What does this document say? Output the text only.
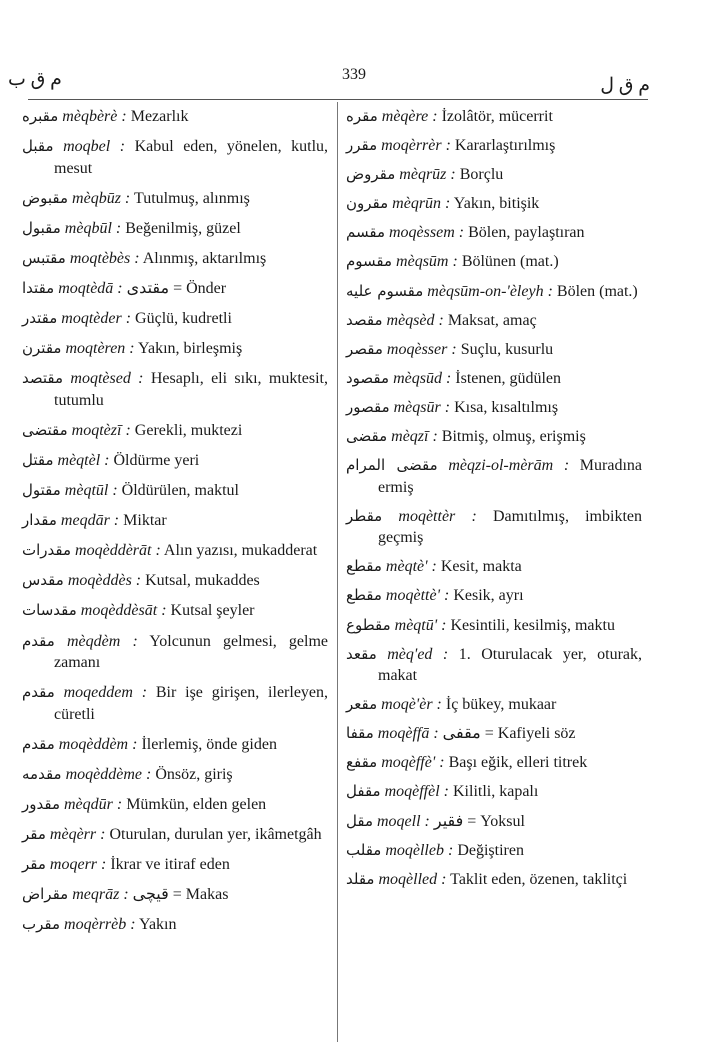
م ق ب	339
م ق ل
مقبره mèqbèrè : Mezarlık
مقبل moqbel : Kabul eden, yönelen, kutlu, mesut
مقبوض mèqbūz : Tutulmuş, alınmış
مقبول mèqbūl : Beğenilmiş, güzel
مقتبس moqtèbès : Alınmış, aktarılmış
مقتدا moqtèdā : مقتدی = Önder
مقتدر moqtèder : Güçlü, kudretli
مقترن moqtèren : Yakın, birleşmiş
مقتصد moqtèsed : Hesaplı, eli sıkı, muktesit, tutumlu
مقتضی moqtèzī : Gerekli, muktezi
مقتل mèqtèl : Öldürme yeri
مقتول mèqtūl : Öldürülen, maktul
مقدار meqdār : Miktar
مقدرات moqèddèrāt : Alın yazısı, mukadderat
مقدس moqèddès : Kutsal, mukaddes
مقدسات moqèddèsāt : Kutsal şeyler
مقدم mèqdèm : Yolcunun gelmesi, gelme zamanı
مقدم moqeddem : Bir işe girişen, ilerleyen, cüretli
مقدم moqèddèm : İlerlemiş, önde giden
مقدمه moqèddème : Önsöz, giriş
مقدور mèqdūr : Mümkün, elden gelen
مقر mèqèrr : Oturulan, durulan yer, ikâmetgâh
مقر moqerr : İkrar ve itiraf eden
مقراض meqrāz : قیچی = Makas
مقرب moqèrrèb : Yakın
مقره mèqère : İzolâtör, mücerrit
مقرر moqèrrèr : Kararlaştırılmış
مقروض mèqrūz : Borçlu
مقرون mèqrūn : Yakın, bitişik
مقسم moqèssem : Bölen, paylaştıran
مقسوم mèqsūm : Bölünen (mat.)
مقسوم علیه mèqsūm-on-'èleyh : Bölen (mat.)
مقصد mèqsèd : Maksat, amaç
مقصر moqèsser : Suçlu, kusurlu
مقصود mèqsūd : İstenen, güdülen
مقصور mèqsūr : Kısa, kısaltılmış
مقضی mèqzī : Bitmiş, olmuş, erişmiş
مقضی المرام mèqzi-ol-mèrām : Muradına ermiş
مقطر moqèttèr : Damıtılmış, imbikten geçmiş
مقطع mèqtè' : Kesit, makta
مقطع moqèttè' : Kesik, ayrı
مقطوع mèqtū' : Kesintili, kesilmiş, maktu
مقعد mèq'ed : 1. Oturulacak yer, oturak, makat
مقعر moqè'èr : İç bükey, mukaar
مقفا moqèffā : مقفی = Kafiyeli söz
مقفع moqèffè' : Başı eğik, elleri titrek
مقفل moqèffèl : Kilitli, kapalı
مقل moqell : فقیر = Yoksul
مقلب moqèlleb : Değiştiren
مقلد moqèlled : Taklit eden, özenen, taklitçi
